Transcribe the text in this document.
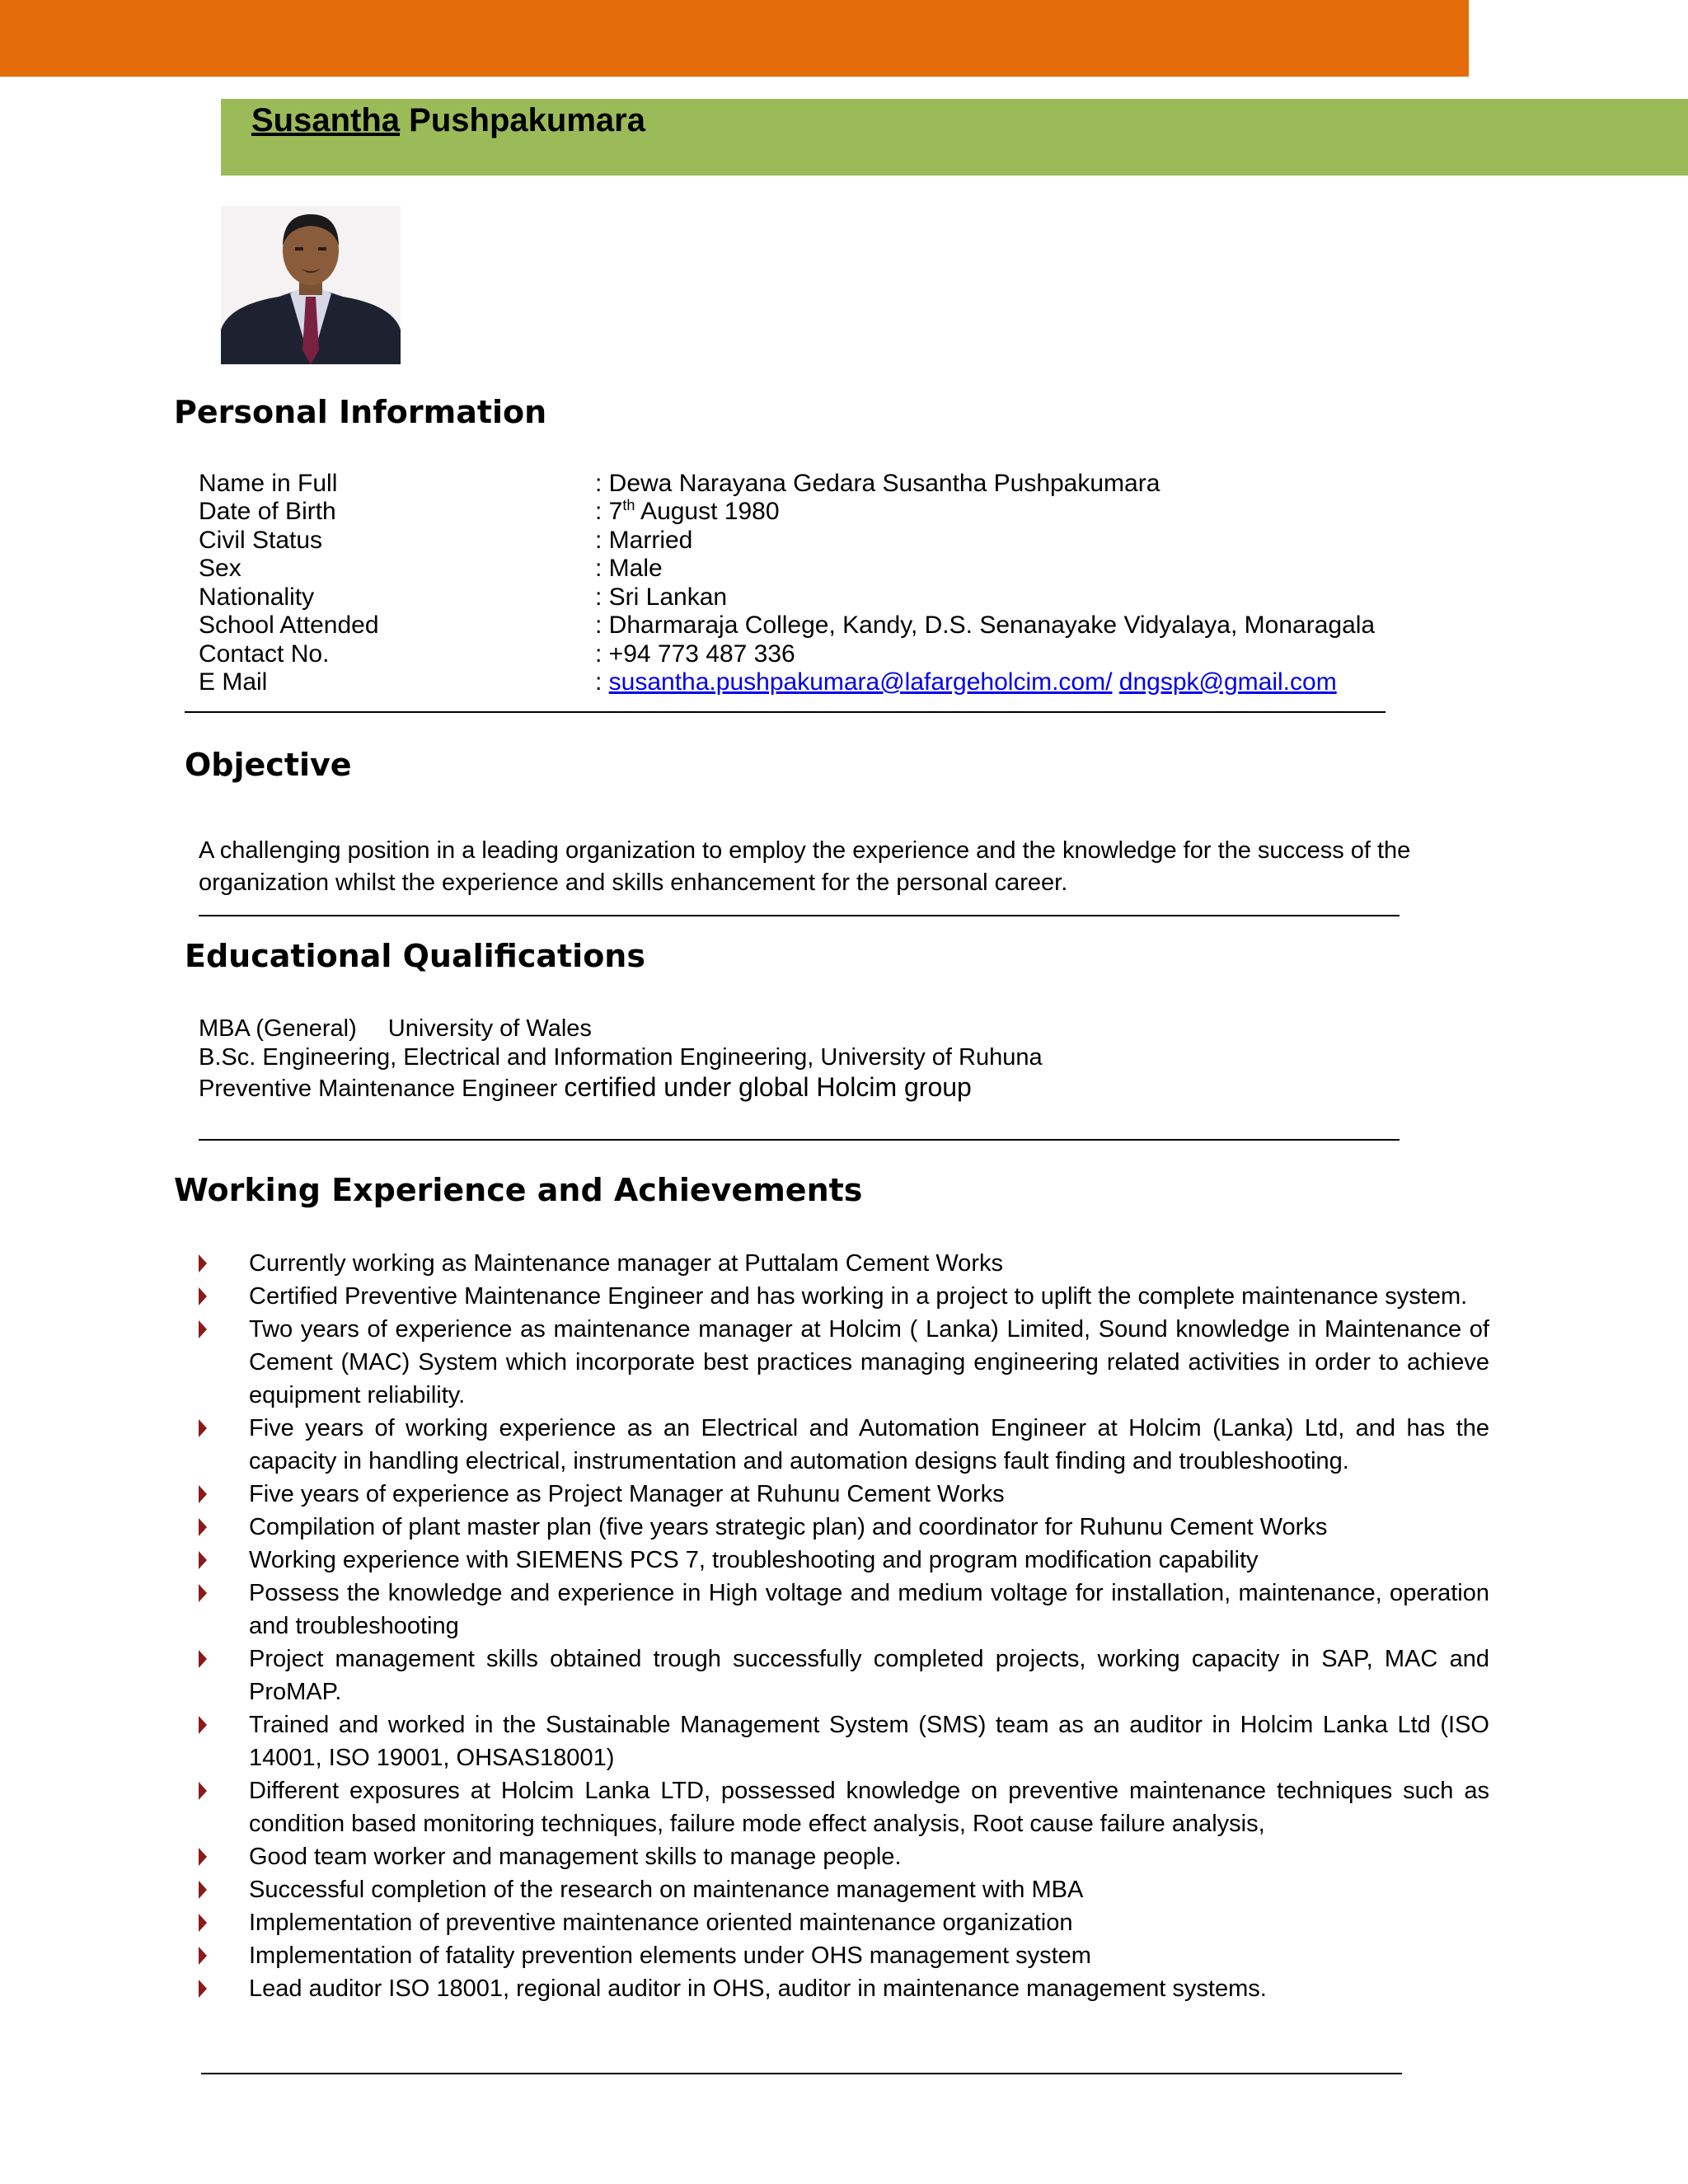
Susantha Pushpakumara
Personal Information
Name in Full	: Dewa Narayana Gedara Susantha Pushpakumara
Date of Birth	: 7th August 1980
Civil Status	: Married
Sex	: Male
Nationality	: Sri Lankan
School Attended	: Dharmaraja College, Kandy, D.S. Senanayake Vidyalaya, Monaragala
Contact No.	: +94 773 487 336
E Mail	: susantha.pushpakumara@lafargeholcim.com/ dngspk@gmail.com
Objective
A challenging position in a leading organization to employ the experience and the knowledge for the success of the
organization whilst the experience and skills enhancement for the personal career.
Educational Qualifications
MBA (General) University of Wales
B.Sc. Engineering, Electrical and Information Engineering, University of Ruhuna
Preventive Maintenance Engineer certified under global Holcim group
Working Experience and Achievements
Currently working as Maintenance manager at Puttalam Cement Works
Certified Preventive Maintenance Engineer and has working in a project to uplift the complete maintenance system.
Two years of experience as maintenance manager at Holcim ( Lanka) Limited, Sound knowledge in Maintenance of Cement (MAC) System which incorporate best practices managing engineering related activities in order to achieve equipment reliability.
Five years of working experience as an Electrical and Automation Engineer at Holcim (Lanka) Ltd, and has the capacity in handling electrical, instrumentation and automation designs fault finding and troubleshooting.
Five years of experience as Project Manager at Ruhunu Cement Works
Compilation of plant master plan (five years strategic plan) and coordinator for Ruhunu Cement Works
Working experience with SIEMENS PCS 7, troubleshooting and program modification capability
Possess the knowledge and experience in High voltage and medium voltage for installation, maintenance, operation and troubleshooting
Project management skills obtained trough successfully completed projects, working capacity in SAP, MAC and ProMAP.
Trained and worked in the Sustainable Management System (SMS) team as an auditor in Holcim Lanka Ltd (ISO 14001, ISO 19001, OHSAS18001)
Different exposures at Holcim Lanka LTD, possessed knowledge on preventive maintenance techniques such as condition based monitoring techniques, failure mode effect analysis, Root cause failure analysis,
Good team worker and management skills to manage people.
Successful completion of the research on maintenance management with MBA
Implementation of preventive maintenance oriented maintenance organization
Implementation of fatality prevention elements under OHS management system
Lead auditor ISO 18001, regional auditor in OHS, auditor in maintenance management systems.
